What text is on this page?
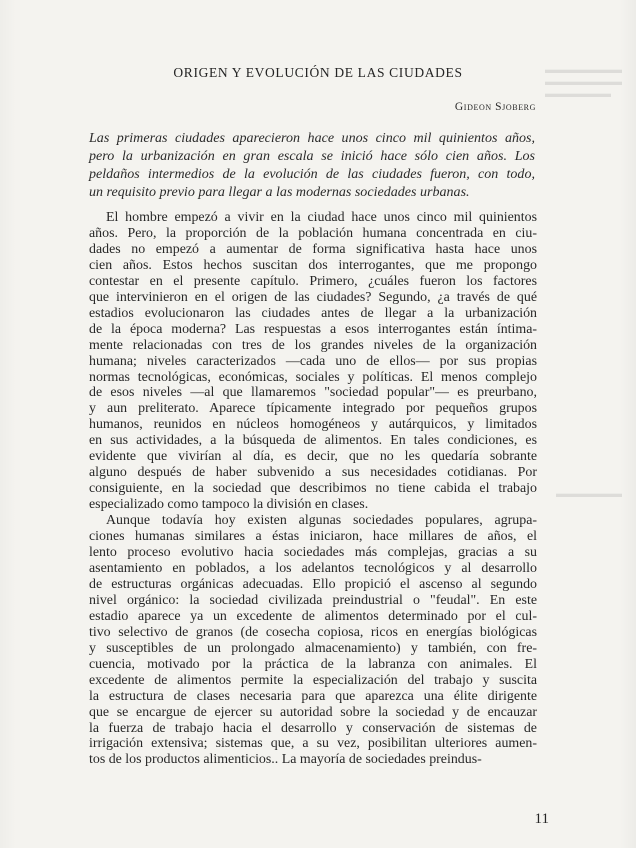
▬▬▬▬▬▬▬
▬▬▬▬▬▬▬
▬▬▬▬▬▬
▬▬▬▬▬▬
ORIGEN Y EVOLUCIÓN DE LAS CIUDADES

Gideon Sjoberg

Las primeras ciudades aparecieron hace unos cinco mil quinientos años,
pero la urbanización en gran escala se inició hace sólo cien años. Los
peldaños intermedios de la evolución de las ciudades fueron, con todo,
un requisito previo para llegar a las modernas sociedades urbanas.

El hombre empezó a vivir en la ciudad hace unos cinco mil quinientos
años. Pero, la proporción de la población humana concentrada en ciu-
dades no empezó a aumentar de forma significativa hasta hace unos
cien años. Estos hechos suscitan dos interrogantes, que me propongo
contestar en el presente capítulo. Primero, ¿cuáles fueron los factores
que intervinieron en el origen de las ciudades? Segundo, ¿a través de qué
estadios evolucionaron las ciudades antes de llegar a la urbanización
de la época moderna? Las respuestas a esos interrogantes están íntima-
mente relacionadas con tres de los grandes niveles de la organización
humana; niveles caracterizados —cada uno de ellos— por sus propias
normas tecnológicas, económicas, sociales y políticas. El menos complejo
de esos niveles —al que llamaremos "sociedad popular"— es preurbano,
y aun preliterato. Aparece típicamente integrado por pequeños grupos
humanos, reunidos en núcleos homogéneos y autárquicos, y limitados
en sus actividades, a la búsqueda de alimentos. En tales condiciones, es
evidente que vivirían al día, es decir, que no les quedaría sobrante
alguno después de haber subvenido a sus necesidades cotidianas. Por
consiguiente, en la sociedad que describimos no tiene cabida el trabajo
especializado como tampoco la división en clases.

Aunque todavía hoy existen algunas sociedades populares, agrupa-
ciones humanas similares a éstas iniciaron, hace millares de años, el
lento proceso evolutivo hacia sociedades más complejas, gracias a su
asentamiento en poblados, a los adelantos tecnológicos y al desarrollo
de estructuras orgánicas adecuadas. Ello propició el ascenso al segundo
nivel orgánico: la sociedad civilizada preindustrial o "feudal". En este
estadio aparece ya un excedente de alimentos determinado por el cul-
tivo selectivo de granos (de cosecha copiosa, ricos en energías biológicas
y susceptibles de un prolongado almacenamiento) y también, con fre-
cuencia, motivado por la práctica de la labranza con animales. El
excedente de alimentos permite la especialización del trabajo y suscita
la estructura de clases necesaria para que aparezca una élite dirigente
que se encargue de ejercer su autoridad sobre la sociedad y de encauzar
la fuerza de trabajo hacia el desarrollo y conservación de sistemas de
irrigación extensiva; sistemas que, a su vez, posibilitan ulteriores aumen-
tos de los productos alimenticios.. La mayoría de sociedades preindus-

11
